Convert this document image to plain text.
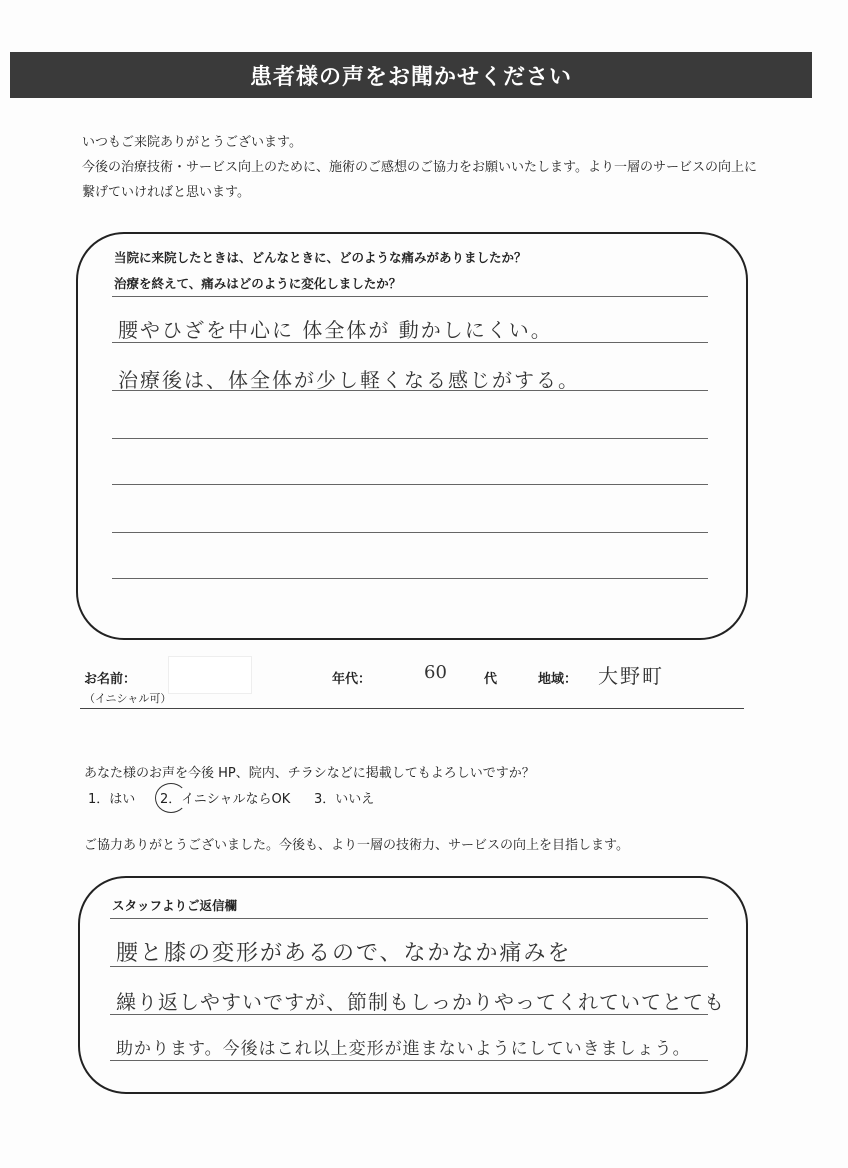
患者様の声をお聞かせください
いつもご来院ありがとうございます。
今後の治療技術・サービス向上のために、施術のご感想のご協力をお願いいたします。より一層のサービスの向上に
繋げていければと思います。
当院に来院したときは、どんなときに、どのような痛みがありましたか？
治療を終えて、痛みはどのように変化しましたか？
腰やひざを中心に 体全体が 動かしにくい。
治療後は、体全体が少し軽くなる感じがする。
お名前：
（イニシャル可）
年代：	60	代	地域： 大野町
あなた様のお声を今後 HP、院内、チラシなどに掲載してもよろしいですか？
1．はい 2．イニシャルならOK 3．いいえ
ご協力ありがとうございました。今後も、より一層の技術力、サービスの向上を目指します。
スタッフよりご返信欄
腰と膝の変形があるので、なかなか痛みを
繰り返しやすいですが、節制もしっかりやってくれていてとても
助かります。今後はこれ以上変形が進まないようにしていきましょう。
